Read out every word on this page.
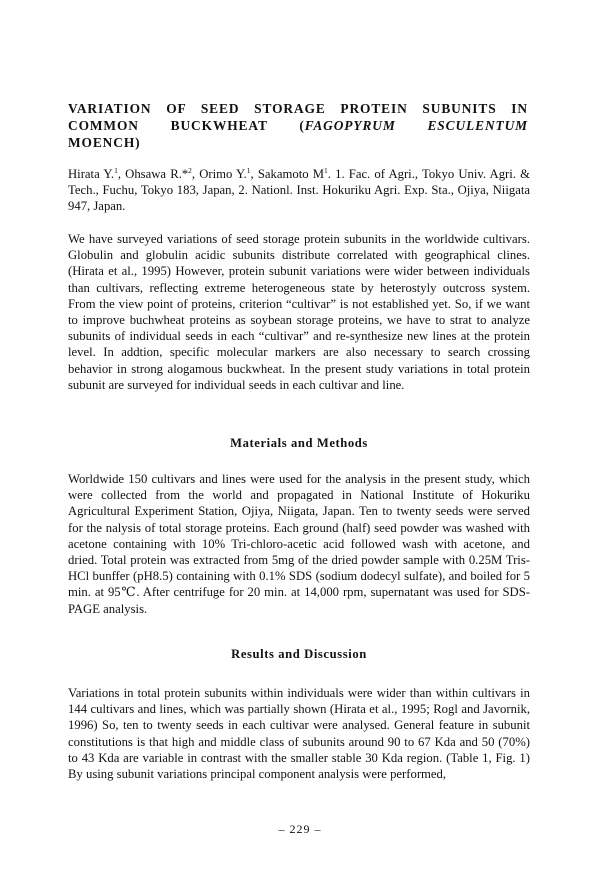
VARIATION OF SEED STORAGE PROTEIN SUBUNITS IN
COMMON BUCKWHEAT (FAGOPYRUM ESCULENTUM
MOENCH)

Hirata Y.$^1$, Ohsawa R.*$^2$, Orimo Y.$^1$, Sakamoto $M^1$. 1. Fac. of Agri., Tokyo Univ. Agri. & Tech., Fuchu, Tokyo 183, Japan, 2. Nationl. Inst. Hokuriku Agri. Exp. Sta., Ojiya, Niigata 947, Japan.

We have surveyed variations of seed storage protein subunits in the worldwide cultivars. Globulin and globulin acidic subunits distribute correlated with geographical clines. (Hirata et al., 1995) However, protein subunit variations were wider between individuals than cultivars, reflecting extreme heterogeneous state by heterostyly outcross system. From the view point of proteins, criterion “cultivar” is not established yet. So, if we want to improve buchwheat proteins as soybean storage proteins, we have to strat to analyze subunits of individual seeds in each “cultivar” and re-synthesize new lines at the protein level. In addtion, specific molecular markers are also necessary to search crossing behavior in strong alogamous buckwheat. In the present study variations in total protein subunit are surveyed for individual seeds in each cultivar and line.

Materials and Methods

Worldwide 150 cultivars and lines were used for the analysis in the present study, which were collected from the world and propagated in National Institute of Hokuriku Agricultural Experiment Station, Ojiya, Niigata, Japan. Ten to twenty seeds were served for the nalysis of total storage proteins. Each ground (half) seed powder was washed with acetone containing with 10% Tri-chloro-acetic acid followed wash with acetone, and dried. Total protein was extracted from 5mg of the dried powder sample with 0.25M Tris-HCl bunffer (pH8.5) containing with 0.1% SDS (sodium dodecyl sulfate), and boiled for 5 min. at 95℃. After centrifuge for 20 min. at 14,000 rpm, supernatant was used for SDS-PAGE analysis.

Results and Discussion

Variations in total protein subunits within individuals were wider than within cultivars in 144 cultivars and lines, which was partially shown (Hirata et al., 1995; Rogl and Javornik, 1996) So, ten to twenty seeds in each cultivar were analysed. General feature in subunit constitutions is that high and middle class of subunits around 90 to 67 Kda and 50 (70%) to 43 Kda are variable in contrast with the smaller stable 30 Kda region. (Table 1, Fig. 1) By using subunit variations principal component analysis were performed,

– 229 –
